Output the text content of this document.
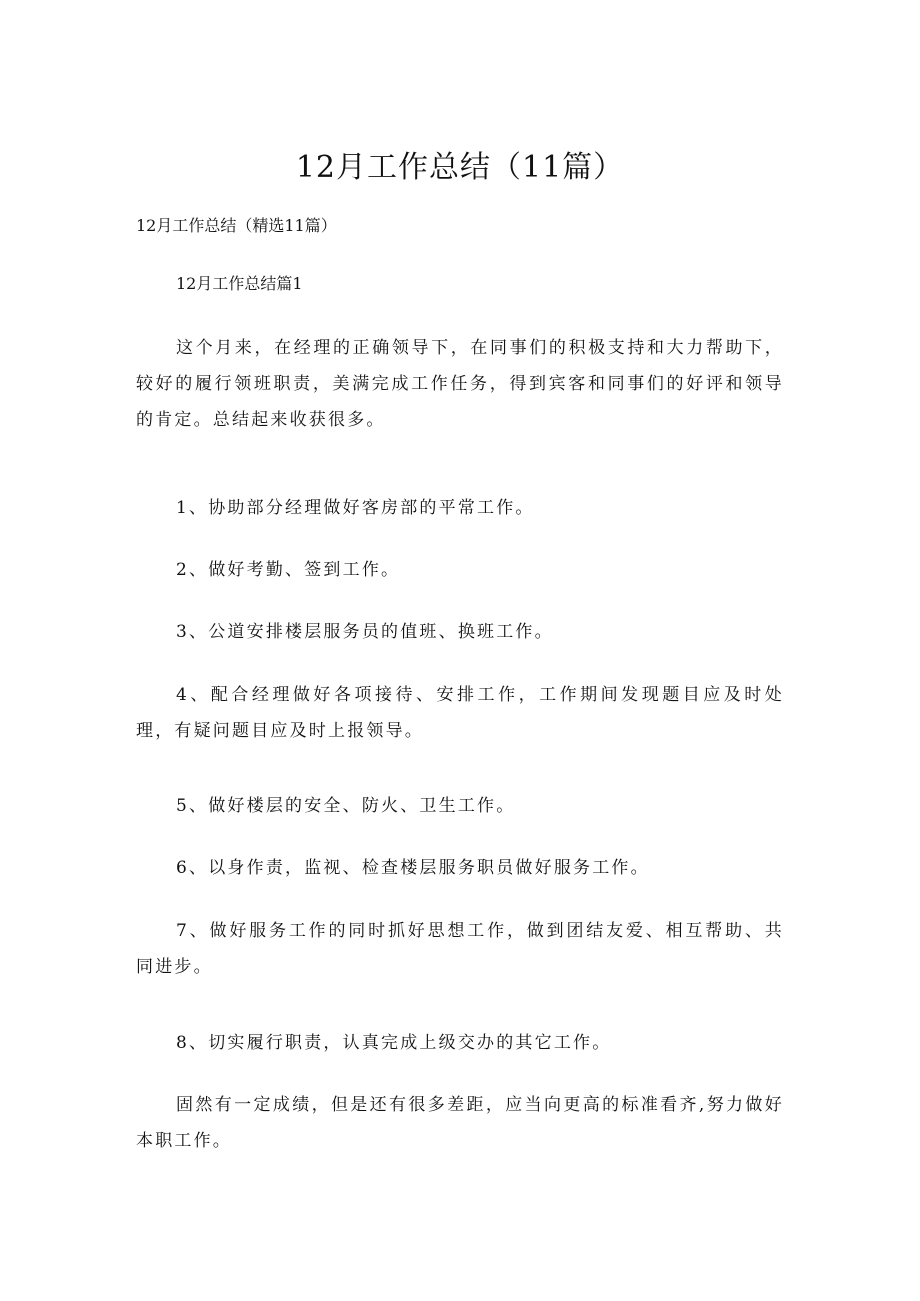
12月工作总结（11篇）

12月工作总结（精选11篇）

12月工作总结篇1

这个月来，在经理的正确领导下，在同事们的积极支持和大力帮助下，较好的履行领班职责，美满完成工作任务，得到宾客和同事们的好评和领导的肯定。总结起来收获很多。

1、协助部分经理做好客房部的平常工作。

2、做好考勤、签到工作。

3、公道安排楼层服务员的值班、换班工作。

4、配合经理做好各项接待、安排工作，工作期间发现题目应及时处理，有疑问题目应及时上报领导。

5、做好楼层的安全、防火、卫生工作。

6、以身作责，监视、检查楼层服务职员做好服务工作。

7、做好服务工作的同时抓好思想工作，做到团结友爱、相互帮助、共同进步。

8、切实履行职责，认真完成上级交办的其它工作。

固然有一定成绩，但是还有很多差距，应当向更高的标准看齐,努力做好本职工作。
